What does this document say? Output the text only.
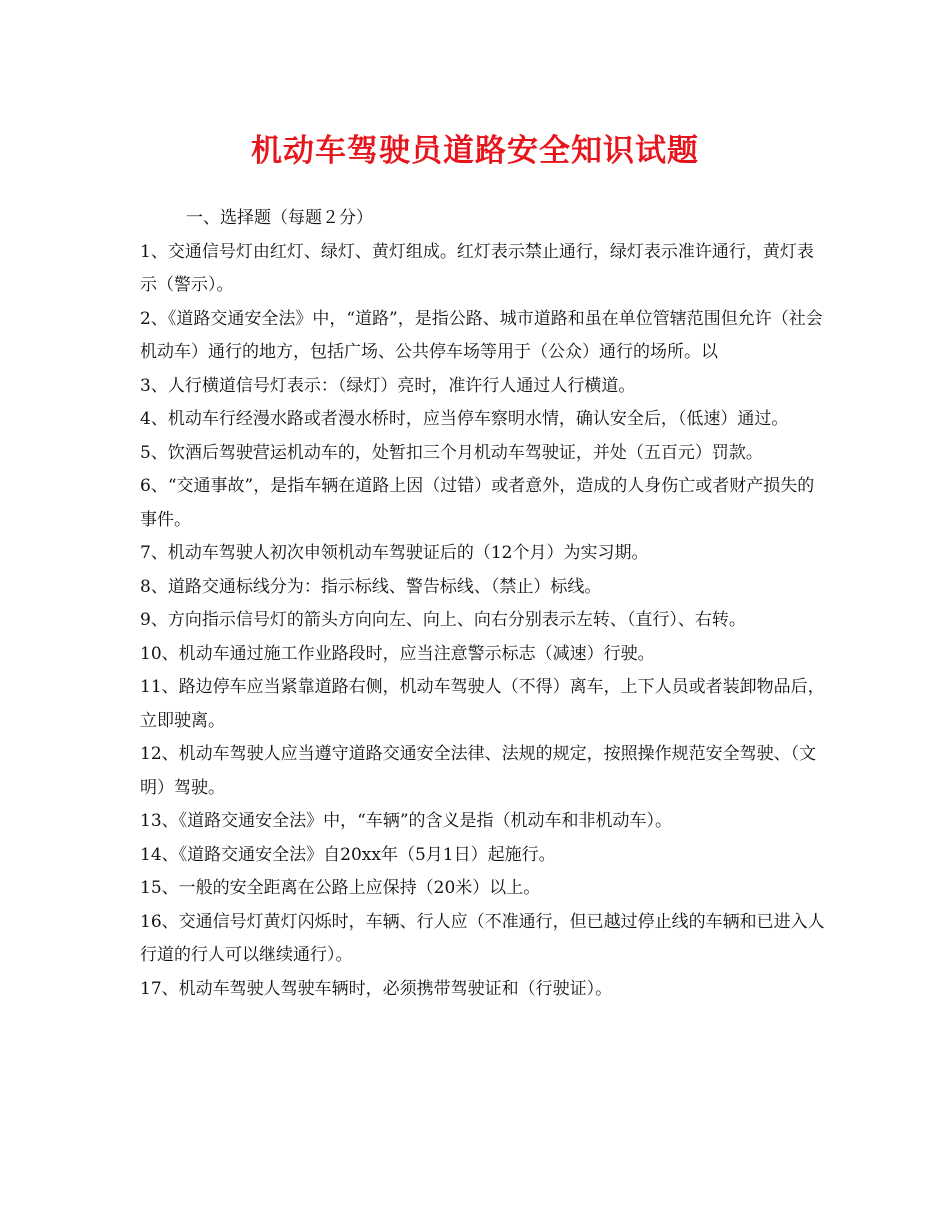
机动车驾驶员道路安全知识试题

一、选择题（每题２分）

1、交通信号灯由红灯、绿灯、黄灯组成。红灯表示禁止通行，绿灯表示准许通行，黄灯表示（警示）。

2、《道路交通安全法》中，“道路”，是指公路、城市道路和虽在单位管辖范围但允许（社会机动车）通行的地方，包括广场、公共停车场等用于（公众）通行的场所。以

3、人行横道信号灯表示：（绿灯）亮时，准许行人通过人行横道。

4、机动车行经漫水路或者漫水桥时，应当停车察明水情，确认安全后，（低速）通过。

5、饮酒后驾驶营运机动车的，处暂扣三个月机动车驾驶证，并处（五百元）罚款。

6、“交通事故”，是指车辆在道路上因（过错）或者意外，造成的人身伤亡或者财产损失的事件。

7、机动车驾驶人初次申领机动车驾驶证后的（12个月）为实习期。

8、道路交通标线分为：指示标线、警告标线、（禁止）标线。

9、方向指示信号灯的箭头方向向左、向上、向右分别表示左转、（直行）、右转。

10、机动车通过施工作业路段时，应当注意警示标志（减速）行驶。

11、路边停车应当紧靠道路右侧，机动车驾驶人（不得）离车，上下人员或者装卸物品后，立即驶离。

12、机动车驾驶人应当遵守道路交通安全法律、法规的规定，按照操作规范安全驾驶、（文明）驾驶。

13、《道路交通安全法》中，“车辆”的含义是指（机动车和非机动车）。

14、《道路交通安全法》自20xx年（5月1日）起施行。

15、一般的安全距离在公路上应保持（20米）以上。

16、交通信号灯黄灯闪烁时，车辆、行人应（不准通行，但已越过停止线的车辆和已进入人行道的行人可以继续通行）。

17、机动车驾驶人驾驶车辆时，必须携带驾驶证和（行驶证）。
